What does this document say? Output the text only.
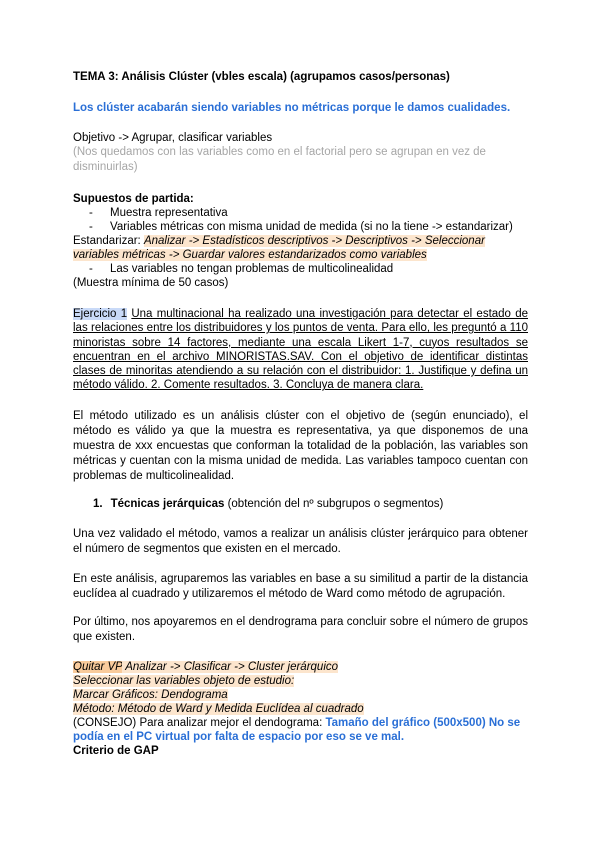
TEMA 3: Análisis Clúster (vbles escala) (agrupamos casos/personas)
Los clúster acabarán siendo variables no métricas porque le damos cualidades.
Objetivo -> Agrupar, clasificar variables
(Nos quedamos con las variables como en el factorial pero se agrupan en vez de disminuirlas)
Supuestos de partida:
- Muestra representativa
- Variables métricas con misma unidad de medida (si no la tiene -> estandarizar)
Estandarizar: Analizar -> Estadísticos descriptivos -> Descriptivos -> Seleccionar variables métricas -> Guardar valores estandarizados como variables
- Las variables no tengan problemas de multicolinealidad
(Muestra mínima de 50 casos)
Ejercicio 1 Una multinacional ha realizado una investigación para detectar el estado de las relaciones entre los distribuidores y los puntos de venta. Para ello, les preguntó a 110 minoristas sobre 14 factores, mediante una escala Likert 1-7, cuyos resultados se encuentran en el archivo MINORISTAS.SAV. Con el objetivo de identificar distintas clases de minoritas atendiendo a su relación con el distribuidor: 1. Justifique y defina un método válido. 2. Comente resultados. 3. Concluya de manera clara.
El método utilizado es un análisis clúster con el objetivo de (según enunciado), el método es válido ya que la muestra es representativa, ya que disponemos de una muestra de xxx encuestas que conforman la totalidad de la población, las variables son métricas y cuentan con la misma unidad de medida. Las variables tampoco cuentan con problemas de multicolinealidad.
1. Técnicas jerárquicas (obtención del nº subgrupos o segmentos)
Una vez validado el método, vamos a realizar un análisis clúster jerárquico para obtener el número de segmentos que existen en el mercado.
En este análisis, agruparemos las variables en base a su similitud a partir de la distancia euclídea al cuadrado y utilizaremos el método de Ward como método de agrupación.
Por último, nos apoyaremos en el dendrograma para concluir sobre el número de grupos que existen.
Quitar VP Analizar -> Clasificar -> Cluster jerárquico
Seleccionar las variables objeto de estudio:
Marcar Gráficos: Dendograma
Método: Método de Ward y Medida Euclídea al cuadrado
(CONSEJO) Para analizar mejor el dendograma: Tamaño del gráfico (500x500) No se podía en el PC virtual por falta de espacio por eso se ve mal.
Criterio de GAP
